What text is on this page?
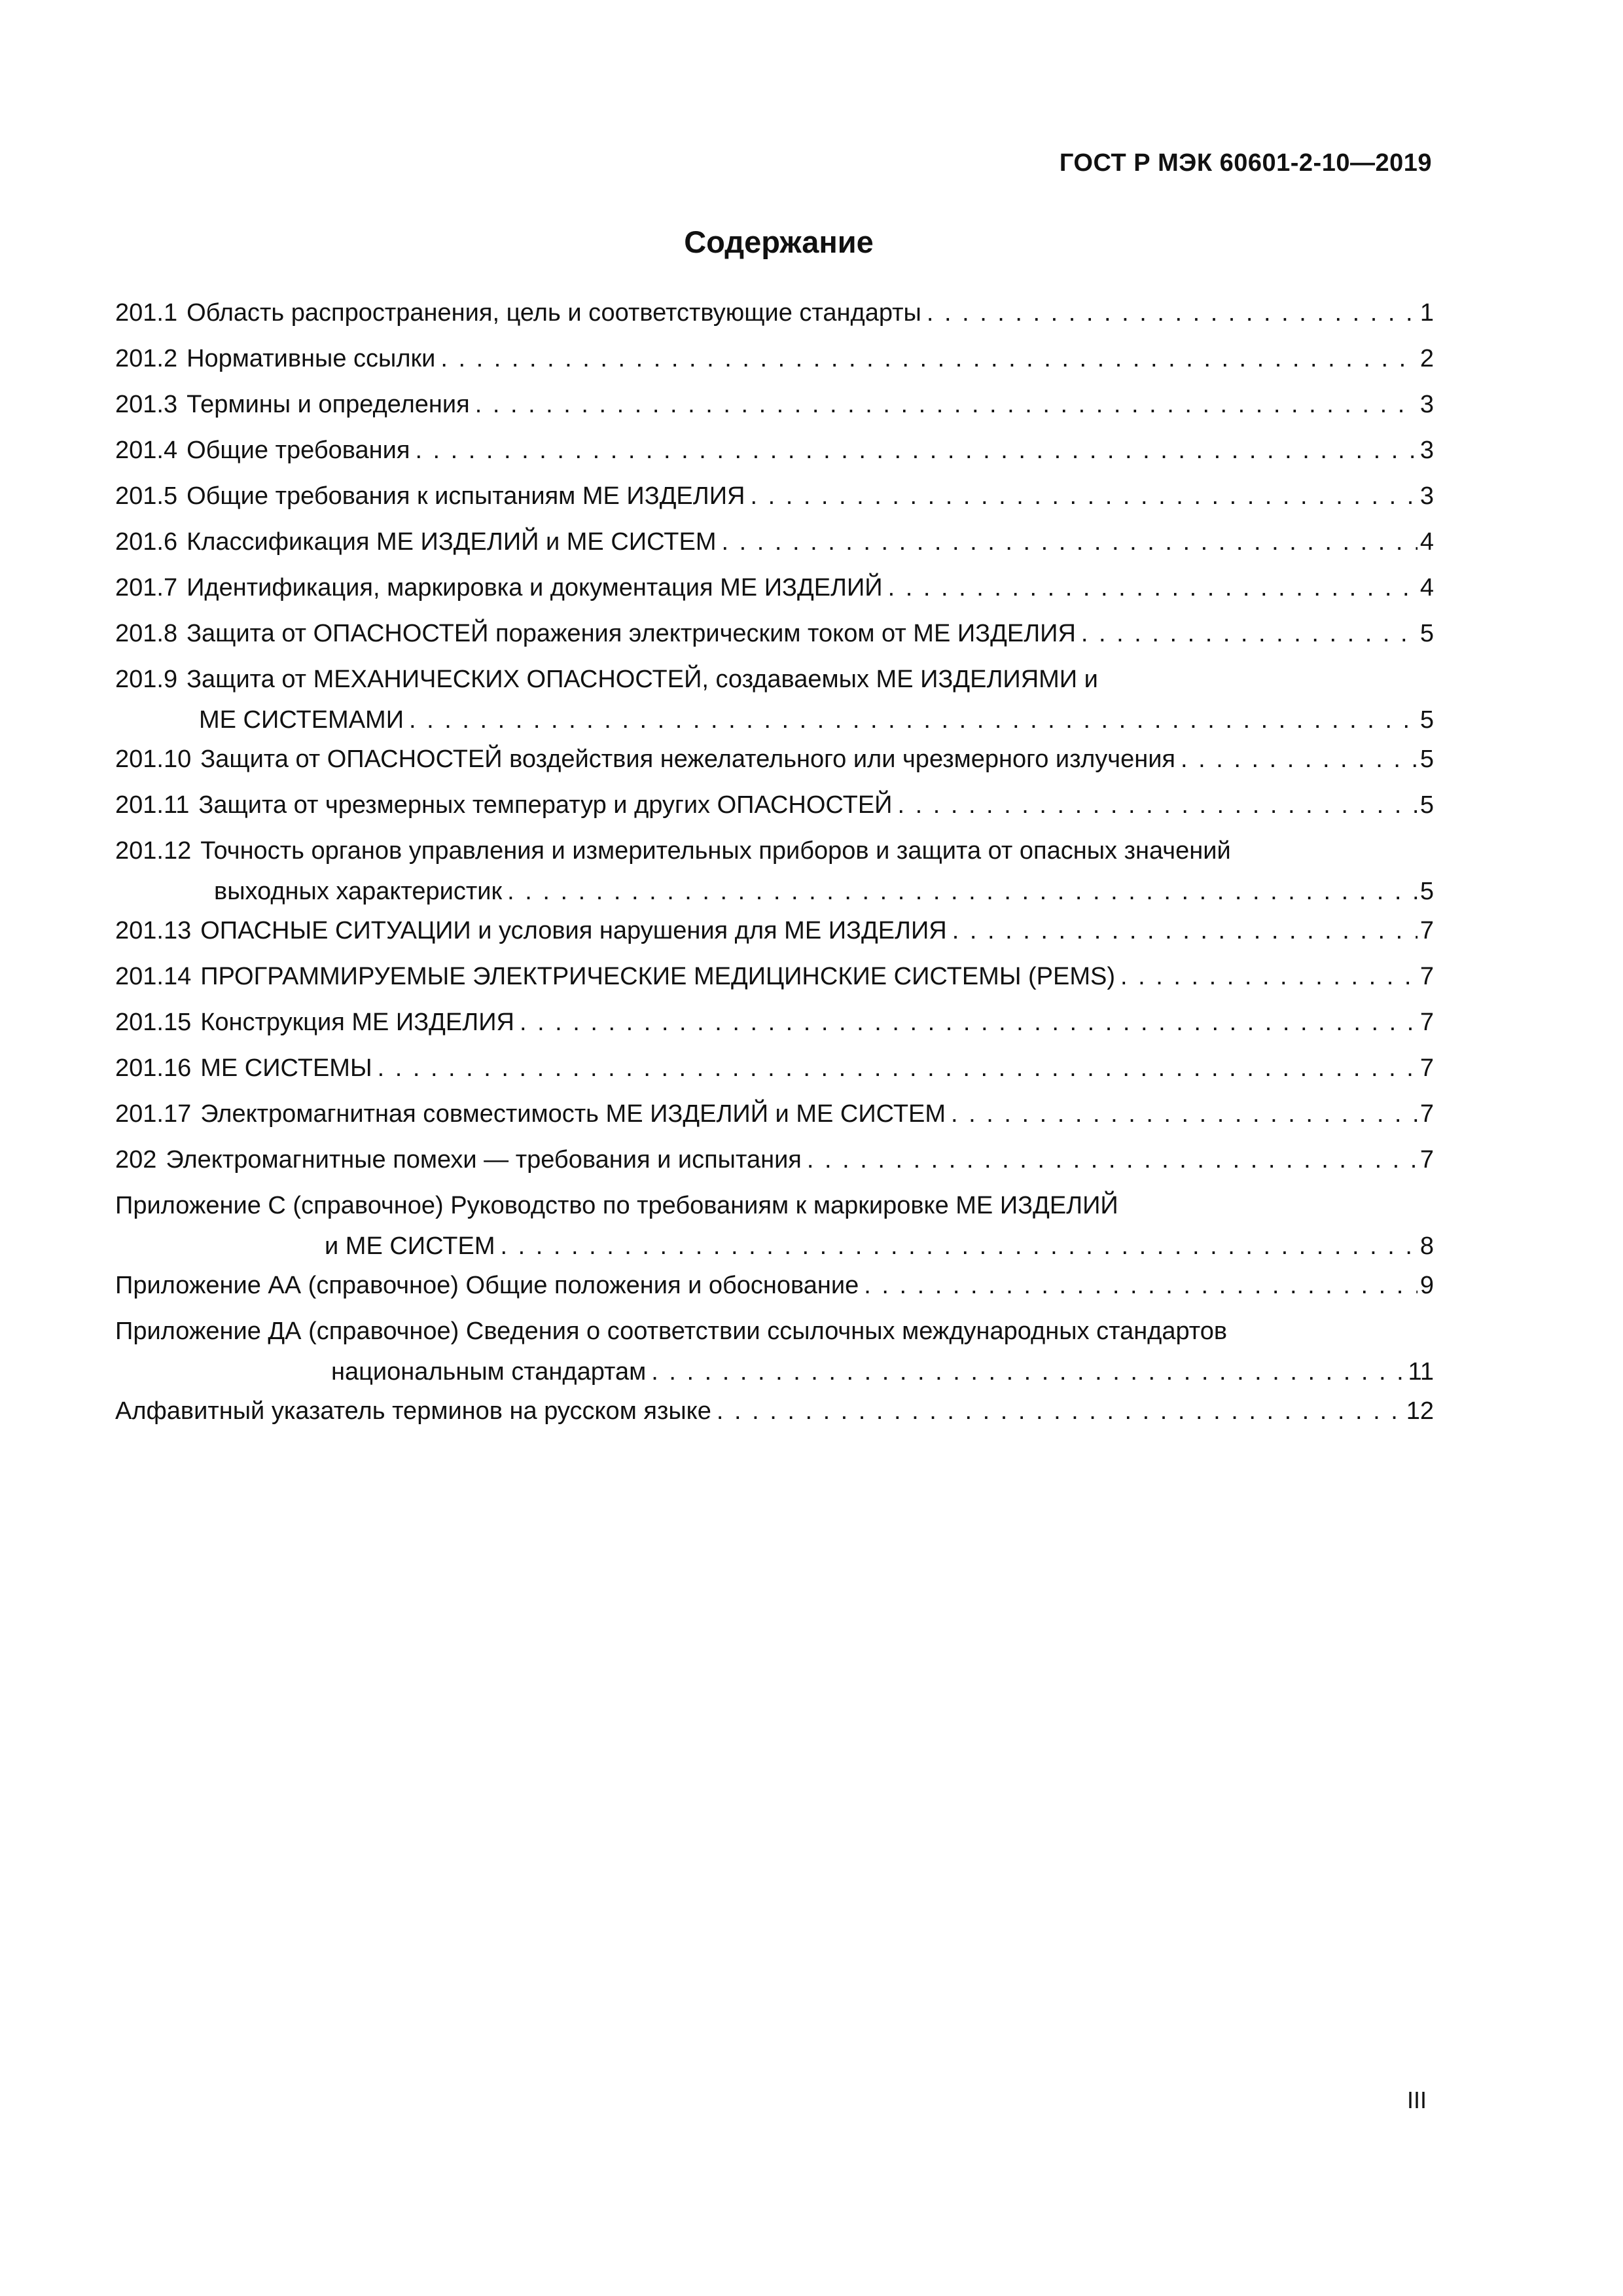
ГОСТ Р МЭК 60601-2-10—2019
Содержание
201.1 Область распространения, цель и соответствующие стандарты . . .	1
201.2 Нормативные ссылки . . .	2
201.3 Термины и определения . . .	3
201.4 Общие требования . . .	3
201.5 Общие требования к испытаниям МЕ ИЗДЕЛИЯ . . .	3
201.6 Классификация МЕ ИЗДЕЛИЙ и МЕ СИСТЕМ . . .	4
201.7 Идентификация, маркировка и документация МЕ ИЗДЕЛИЙ . . .	4
201.8 Защита от ОПАСНОСТЕЙ поражения электрическим током от МЕ ИЗДЕЛИЯ . . .	5
201.9 Защита от МЕХАНИЧЕСКИХ ОПАСНОСТЕЙ, создаваемых МЕ ИЗДЕЛИЯМИ и
МЕ СИСТЕМАМИ . . .	5
201.10 Защита от ОПАСНОСТЕЙ воздействия нежелательного или чрезмерного излучения . . .	5
201.11 Защита от чрезмерных температур и других ОПАСНОСТЕЙ . . .	5
201.12 Точность органов управления и измерительных приборов и защита от опасных значений
выходных характеристик . . .	5
201.13 ОПАСНЫЕ СИТУАЦИИ и условия нарушения для МЕ ИЗДЕЛИЯ . . .	7
201.14 ПРОГРАММИРУЕМЫЕ ЭЛЕКТРИЧЕСКИЕ МЕДИЦИНСКИЕ СИСТЕМЫ (PEMS) . . .	7
201.15 Конструкция МЕ ИЗДЕЛИЯ . . .	7
201.16 МЕ СИСТЕМЫ . . .	7
201.17 Электромагнитная совместимость МЕ ИЗДЕЛИЙ и МЕ СИСТЕМ . . .	7
202 Электромагнитные помехи — требования и испытания . . .	7
Приложение С (справочное) Руководство по требованиям к маркировке МЕ ИЗДЕЛИЙ
и МЕ СИСТЕМ . . .	8
Приложение АА (справочное) Общие положения и обоснование . . .	9
Приложение ДА (справочное) Сведения о соответствии ссылочных международных стандартов
национальным стандартам . . .	11
Алфавитный указатель терминов на русском языке . . .	12
III
